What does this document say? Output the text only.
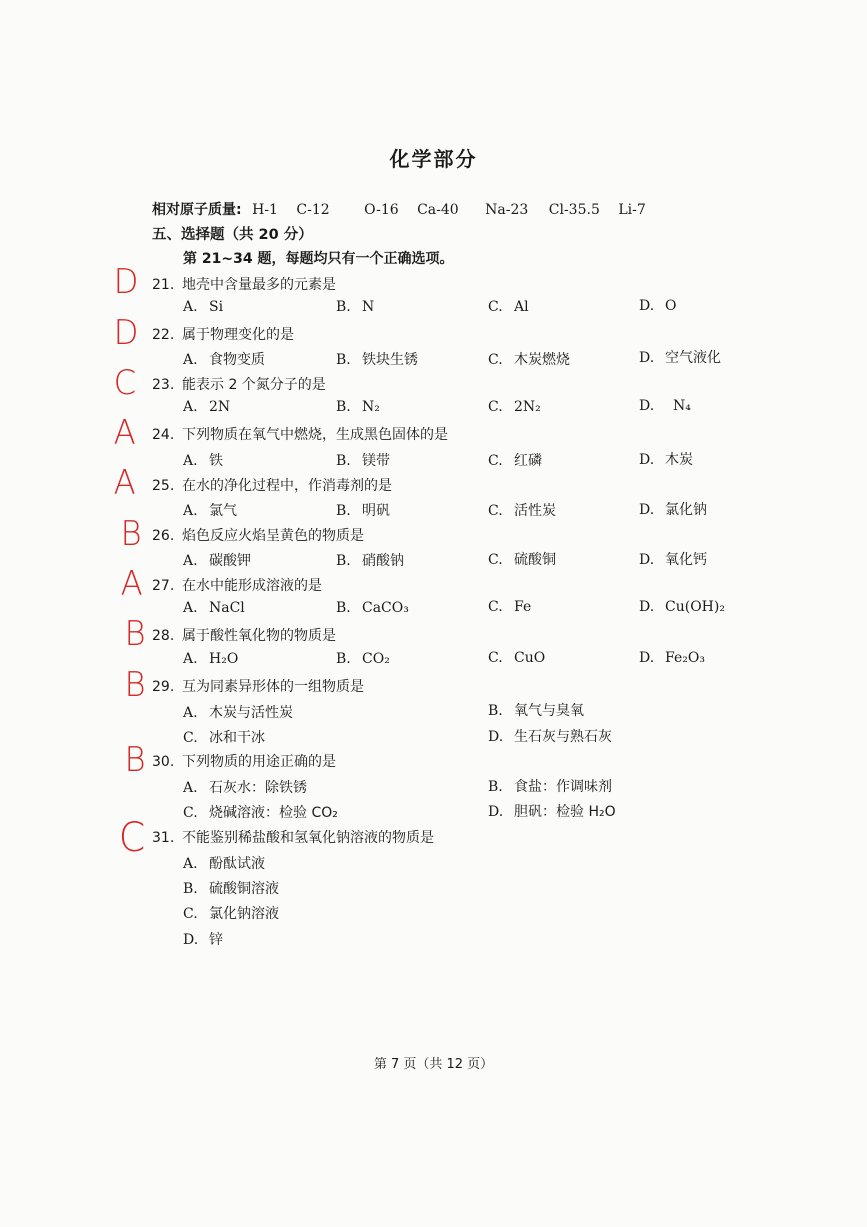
化学部分
相对原子质量: H-1 C-12 O-16 Ca-40 Na-23 Cl-35.5 Li-7
五、选择题（共 20 分）
第 21~34 题，每题均只有一个正确选项。
D 21. 地壳中含量最多的元素是
A. Si	B. N	C. Al	D. O
D 22. 属于物理变化的是
A. 食物变质	B. 铁块生锈	C. 木炭燃烧	D. 空气液化
C 23. 能表示 2 个氮分子的是
A. 2N	B. N₂	C. 2N₂	D. N₄
A 24. 下列物质在氧气中燃烧，生成黑色固体的是
A. 铁	B. 镁带	C. 红磷	D. 木炭
A 25. 在水的净化过程中，作消毒剂的是
A. 氯气	B. 明矾	C. 活性炭	D. 氯化钠
B 26. 焰色反应火焰呈黄色的物质是
A. 碳酸钾	B. 硝酸钠	C. 硫酸铜	D. 氧化钙
A 27. 在水中能形成溶液的是
A. NaCl	B. CaCO₃	C. Fe	D. Cu(OH)₂
B 28. 属于酸性氧化物的物质是
A. H₂O	B. CO₂	C. CuO	D. Fe₂O₃
B 29. 互为同素异形体的一组物质是
A. 木炭与活性炭	B. 氧气与臭氧
C. 冰和干冰	D. 生石灰与熟石灰
B 30. 下列物质的用途正确的是
A. 石灰水：除铁锈	B. 食盐：作调味剂
C. 烧碱溶液：检验 CO₂	D. 胆矾：检验 H₂O
C 31. 不能鉴别稀盐酸和氢氧化钠溶液的物质是
A. 酚酞试液
B. 硫酸铜溶液
C. 氯化钠溶液
D. 锌
第 7 页（共 12 页）
